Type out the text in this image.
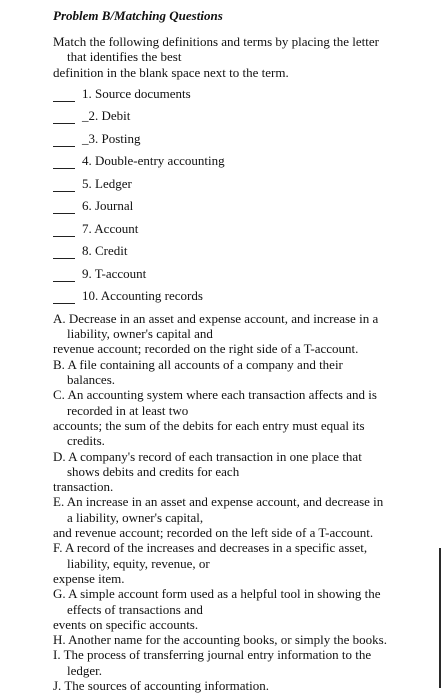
Problem B/Matching Questions
Match the following definitions and terms by placing the letter
that identifies the best
definition in the blank space next to the term.
1. Source documents
_2. Debit
_3. Posting
4. Double-entry accounting
5. Ledger
6. Journal
7. Account
8. Credit
9. T-account
10. Accounting records
A. Decrease in an asset and expense account, and increase in a
liability, owner's capital and
revenue account; recorded on the right side of a T-account.
B. A file containing all accounts of a company and their
balances.
C. An accounting system where each transaction affects and is
recorded in at least two
accounts; the sum of the debits for each entry must equal its
credits.
D. A company's record of each transaction in one place that
shows debits and credits for each
transaction.
E. An increase in an asset and expense account, and decrease in
a liability, owner's capital,
and revenue account; recorded on the left side of a T-account.
F. A record of the increases and decreases in a specific asset,
liability, equity, revenue, or
expense item.
G. A simple account form used as a helpful tool in showing the
effects of transactions and
events on specific accounts.
H. Another name for the accounting books, or simply the books.
I. The process of transferring journal entry information to the
ledger.
J. The sources of accounting information.
